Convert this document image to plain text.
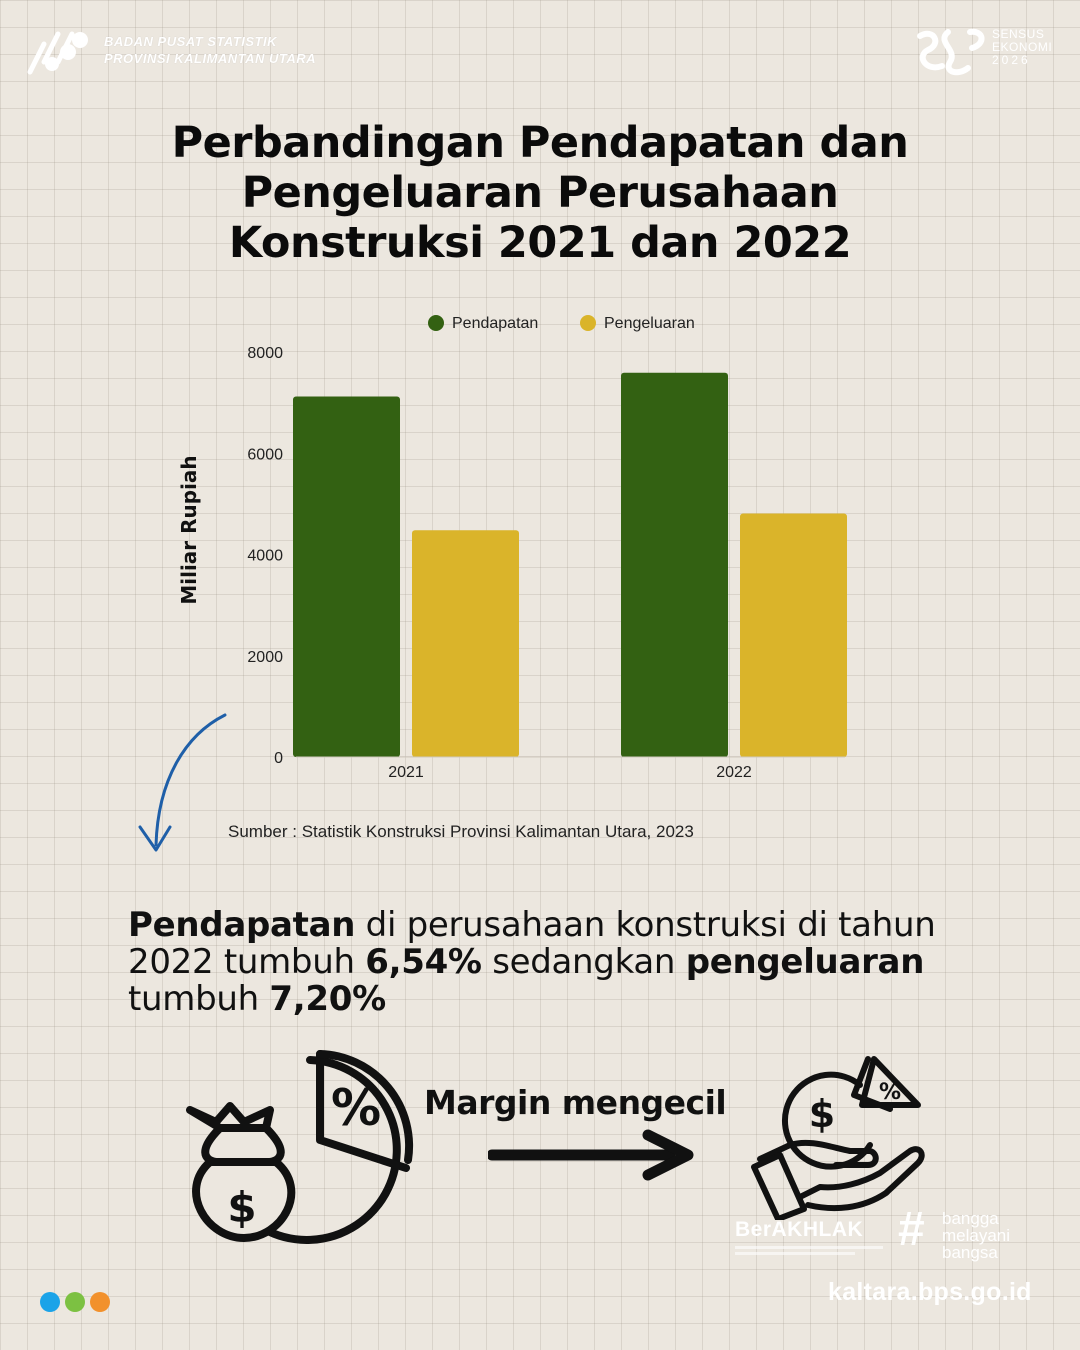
BADAN PUSAT STATISTIK
PROVINSI KALIMANTAN UTARA
SENSUS
EKONOMI
2026
Perbandingan Pendapatan dan
Pengeluaran Perusahaan
Konstruksi 2021 dan 2022
0
2000
4000
6000
8000
Miliar Rupiah
2021	2022
Pendapatan	Pengeluaran
Sumber : Statistik Konstruksi Provinsi Kalimantan Utara, 2023
Pendapatan di perusahaan konstruksi di tahun 2022 tumbuh 6,54% sedangkan pengeluaran tumbuh 7,20%
%
$
Margin mengecil $ %
BerAKHLAK # bangga
melayani
bangsa
kaltara.bps.go.id
